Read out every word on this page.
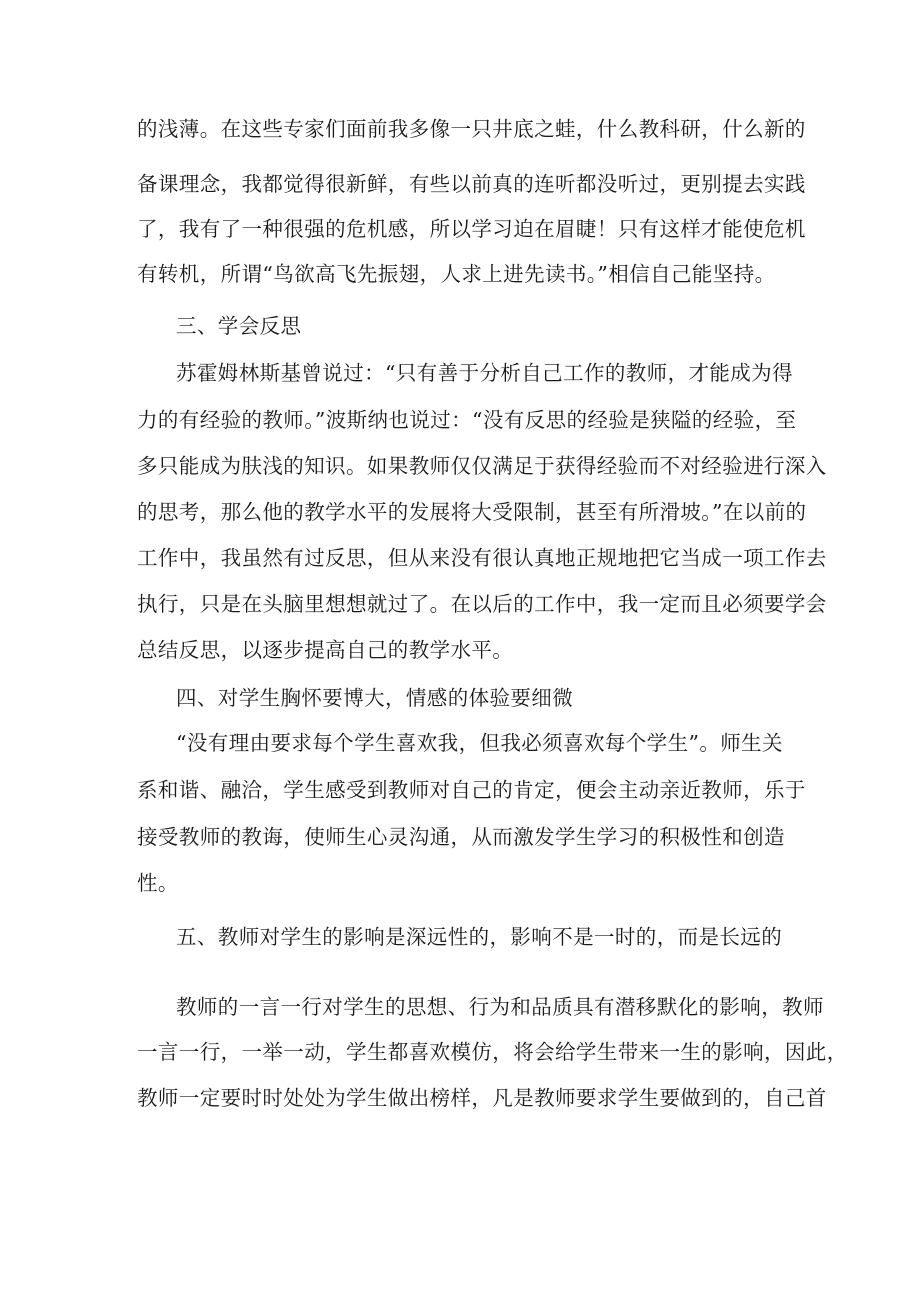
的浅薄。在这些专家们面前我多像一只井底之蛙，什么教科研，什么新的
备课理念，我都觉得很新鲜，有些以前真的连听都没听过，更别提去实践
了，我有了一种很强的危机感，所以学习迫在眉睫！只有这样才能使危机
有转机，所谓“鸟欲高飞先振翅，人求上进先读书。”相信自己能坚持。
三、学会反思
苏霍姆林斯基曾说过：“只有善于分析自己工作的教师，才能成为得
力的有经验的教师。”波斯纳也说过：“没有反思的经验是狭隘的经验，至
多只能成为肤浅的知识。如果教师仅仅满足于获得经验而不对经验进行深入
的思考，那么他的教学水平的发展将大受限制，甚至有所滑坡。”在以前的
工作中，我虽然有过反思，但从来没有很认真地正规地把它当成一项工作去
执行，只是在头脑里想想就过了。在以后的工作中，我一定而且必须要学会
总结反思，以逐步提高自己的教学水平。
四、对学生胸怀要博大，情感的体验要细微
“没有理由要求每个学生喜欢我，但我必须喜欢每个学生”。师生关
系和谐、融洽，学生感受到教师对自己的肯定，便会主动亲近教师，乐于
接受教师的教诲，使师生心灵沟通，从而激发学生学习的积极性和创造
性。
五、教师对学生的影响是深远性的，影响不是一时的，而是长远的
教师的一言一行对学生的思想、行为和品质具有潜移默化的影响，教师
一言一行，一举一动，学生都喜欢模仿，将会给学生带来一生的影响，因此，
教师一定要时时处处为学生做出榜样，凡是教师要求学生要做到的，自己首
